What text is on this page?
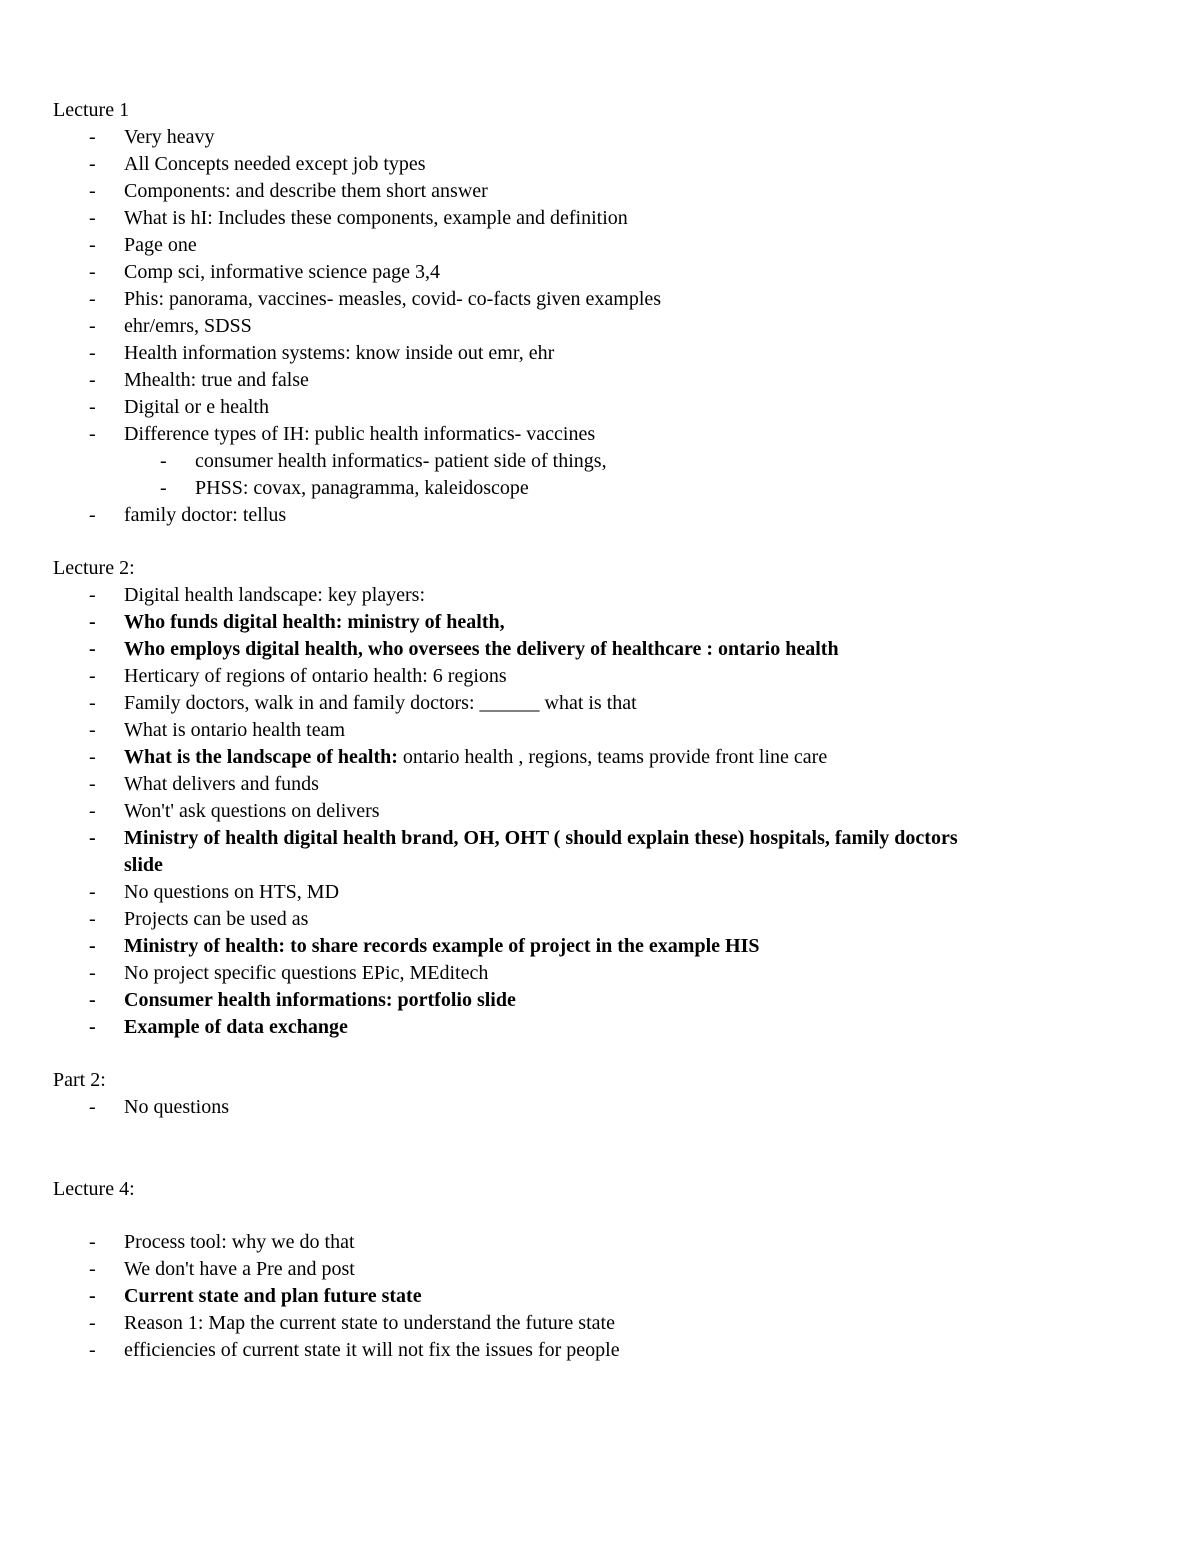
Lecture 1
- Very heavy
- All Concepts needed except job types
- Components: and describe them short answer
- What is hI: Includes these components, example and definition
- Page one
- Comp sci, informative science page 3,4
- Phis: panorama, vaccines- measles, covid- co-facts given examples
- ehr/emrs, SDSS
- Health information systems: know inside out emr, ehr
- Mhealth: true and false
- Digital or e health
- Difference types of IH: public health informatics- vaccines
- consumer health informatics- patient side of things,
- PHSS: covax, panagramma, kaleidoscope
- family doctor: tellus
Lecture 2:
- Digital health landscape: key players:
- Who funds digital health: ministry of health,
- Who employs digital health, who oversees the delivery of healthcare : ontario health
- Herticary of regions of ontario health: 6 regions
- Family doctors, walk in and family doctors: ______ what is that
- What is ontario health team
- What is the landscape of health: ontario health , regions, teams provide front line care
- What delivers and funds
- Won't' ask questions on delivers
- Ministry of health digital health brand, OH, OHT ( should explain these) hospitals, family doctors slide
- No questions on HTS, MD
- Projects can be used as
- Ministry of health: to share records example of project in the example HIS
- No project specific questions EPic, MEditech
- Consumer health informations: portfolio slide
- Example of data exchange
Part 2:
- No questions
Lecture 4:
- Process tool: why we do that
- We don't have a Pre and post
- Current state and plan future state
- Reason 1: Map the current state to understand the future state
- efficiencies of current state it will not fix the issues for people
